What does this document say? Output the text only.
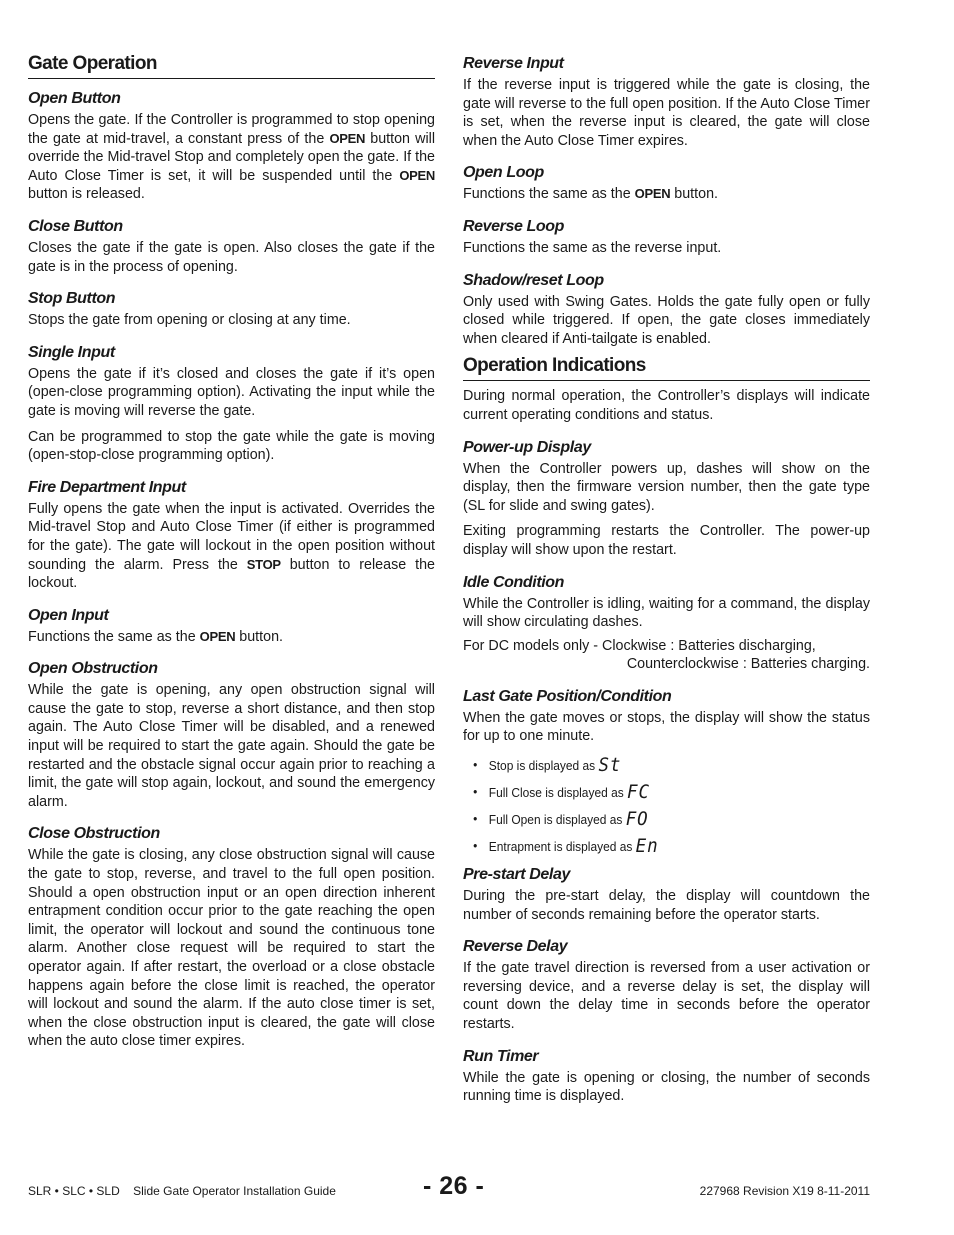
Gate Operation
Open Button

Opens the gate. If the Controller is programmed to stop opening the gate at mid-travel, a constant press of the OPEN button will override the Mid-travel Stop and completely open the gate. If the Auto Close Timer is set, it will be suspended until the OPEN button is released.

Close Button

Closes the gate if the gate is open. Also closes the gate if the gate is in the process of opening.

Stop Button

Stops the gate from opening or closing at any time.

Single Input

Opens the gate if it’s closed and closes the gate if it’s open (open-close programming option). Activating the input while the gate is moving will reverse the gate.

Can be programmed to stop the gate while the gate is moving (open-stop-close programming option).

Fire Department Input

Fully opens the gate when the input is activated. Overrides the Mid-travel Stop and Auto Close Timer (if either is programmed for the gate). The gate will lockout in the open position without sounding the alarm. Press the STOP button to release the lockout.

Open Input

Functions the same as the OPEN button.

Open Obstruction

While the gate is opening, any open obstruction signal will cause the gate to stop, reverse a short distance, and then stop again. The Auto Close Timer will be disabled, and a renewed input will be required to start the gate again. Should the gate be restarted and the obstacle signal occur again prior to reaching a limit, the gate will stop again, lockout, and sound the emergency alarm.

Close Obstruction

While the gate is closing, any close obstruction signal will cause the gate to stop, reverse, and travel to the full open position. Should a open obstruction input or an open direction inherent entrapment condition occur prior to the gate reaching the open limit, the operator will lockout and sound the continuous tone alarm. Another close request will be required to start the operator again. If after restart, the overload or a close obstacle happens again before the close limit is reached, the operator will lockout and sound the alarm. If the auto close timer is set, when the close obstruction input is cleared, the gate will close when the auto close timer expires.

Reverse Input

If the reverse input is triggered while the gate is closing, the gate will reverse to the full open position. If the Auto Close Timer is set, when the reverse input is cleared, the gate will close when the Auto Close Timer expires.

Open Loop

Functions the same as the OPEN button.

Reverse Loop

Functions the same as the reverse input.

Shadow/reset Loop

Only used with Swing Gates. Holds the gate fully open or fully closed while triggered. If open, the gate closes immediately when cleared if Anti-tailgate is enabled.

Operation Indications

During normal operation, the Controller’s displays will indicate current operating conditions and status.

Power-up Display

When the Controller powers up, dashes will show on the display, then the firmware version number, then the gate type (SL for slide and swing gates).

Exiting programming restarts the Controller. The power-up display will show upon the restart.

Idle Condition

While the Controller is idling, waiting for a command, the display will show circulating dashes.

For DC models only - Clockwise : Batteries discharging,
Counterclockwise : Batteries charging.
Last Gate Position/Condition

When the gate moves or stops, the display will show the status for up to one minute.

• Stop is displayed as St
• Full Close is displayed as FC
• Full Open is displayed as FO
• Entrapment is displayed as En
Pre-start Delay

During the pre-start delay, the display will countdown the number of seconds remaining before the operator starts.

Reverse Delay

If the gate travel direction is reversed from a user activation or reversing device, and a reverse delay is set, the display will count down the delay time in seconds before the operator restarts.

Run Timer

While the gate is opening or closing, the number of seconds running time is displayed.

SLR • SLC • SLD    Slide Gate Operator Installation Guide	- 26 -	227968 Revision X19 8-11-2011
